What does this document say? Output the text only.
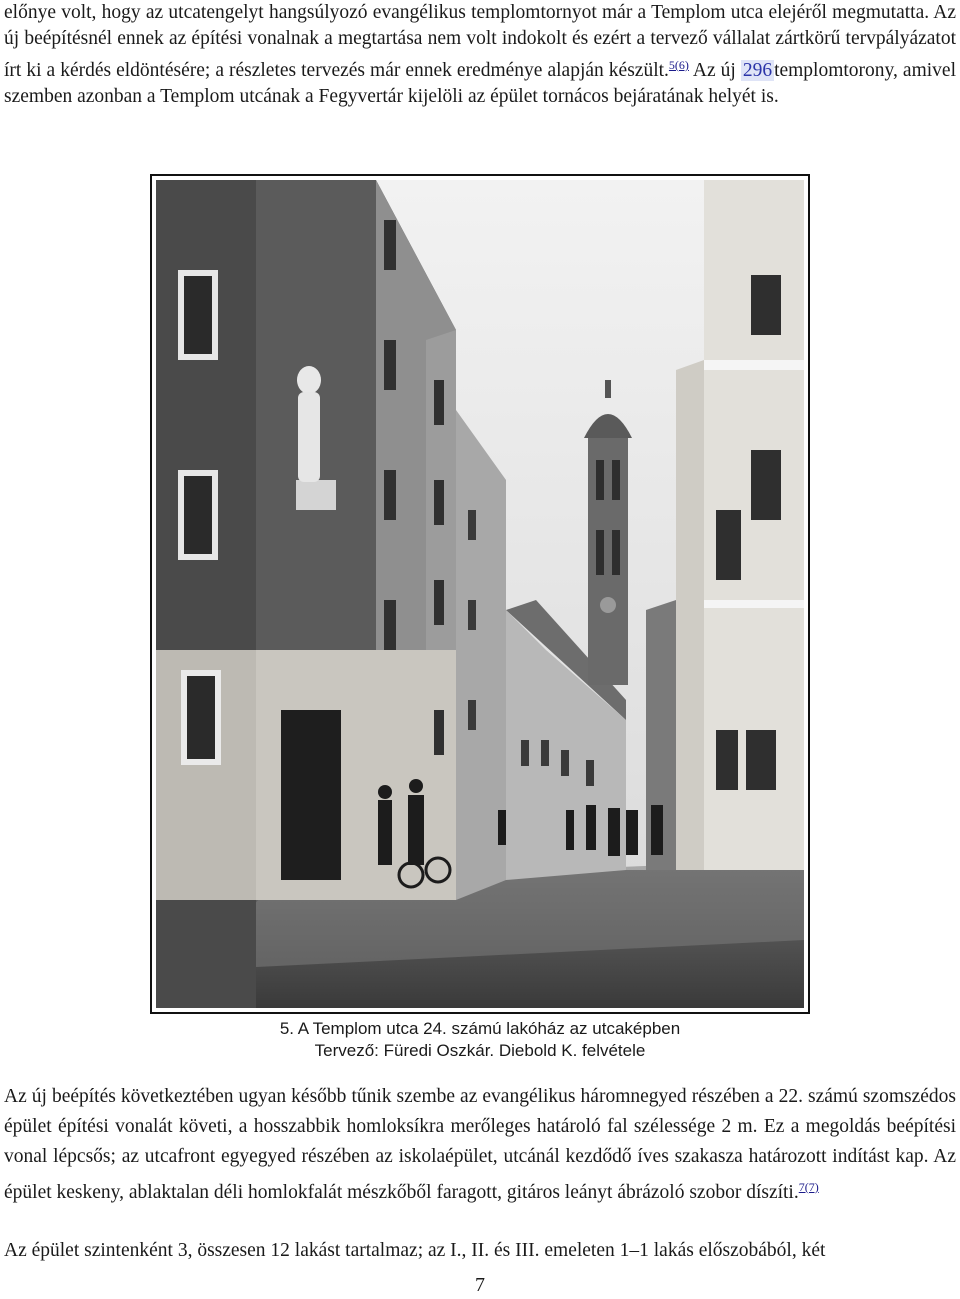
előnye volt, hogy az utcatengelyt hangsúlyozó evangélikus templomtornyot már a Templom utca elejéről megmutatta. Az új beépítésnél ennek az építési vonalnak a megtartása nem volt indokolt és ezért a tervező vállalat zártkörű tervpályázatot írt ki a kérdés eldöntésére; a részletes tervezés már ennek eredménye alapján készült.$^{5(6)}$ Az új 296 templomtorony, amivel szemben azonban a Templom utcának a Fegyvertár kijelöli az épület tornácos bejáratának helyét is.

5. A Templom utca 24. számú lakóház az utcaképben
Tervező: Füredi Oszkár. Diebold K. felvétele

Az új beépítés következtében ugyan később tűnik szembe az evangélikus háromnegyed részében a 22. számú szomszédos épület építési vonalát követi, a hosszabbik homloksíkra merőleges határoló fal szélessége 2 m. Ez a megoldás beépítési vonal lépcsős; az utcafront egyegyed részében az iskolaépület, utcánál kezdődő íves szakasza határozott indítást kap. Az épület keskeny, ablaktalan déli homlokfalát mészkőből faragott, gitáros leányt ábrázoló szobor díszíti.$^{7(7)}$

Az épület szintenként 3, összesen 12 lakást tartalmaz; az I., II. és III. emeleten 1–1 lakás előszobából, két

7
